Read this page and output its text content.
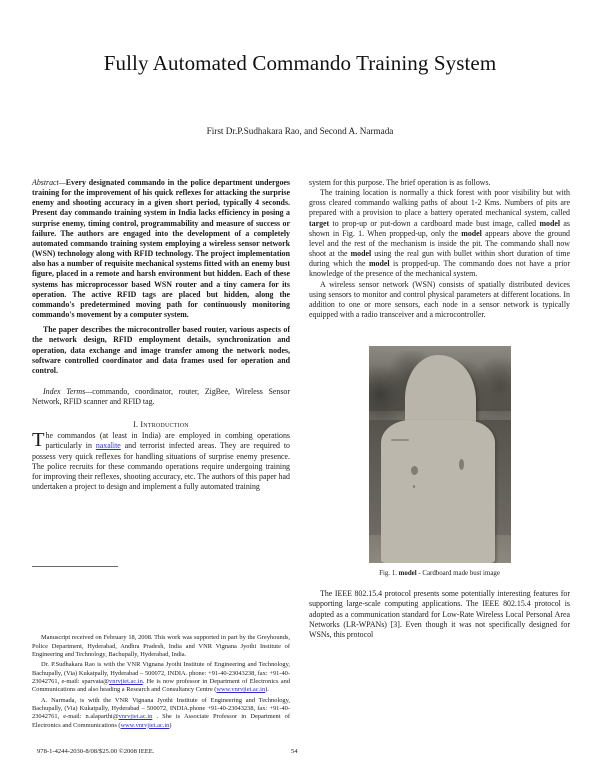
Fully Automated Commando Training System
First Dr.P.Sudhakara Rao, and Second A. Narmada
Abstract—Every designated commando in the police department undergoes training for the improvement of his quick reflexes for attacking the surprise enemy and shooting accuracy in a given short period, typically 4 seconds. Present day commando training system in India lacks efficiency in posing a surprise enemy, timing control, programmability and measure of success or failure. The authors are engaged into the development of a completely automated commando training system employing a wireless sensor network (WSN) technology along with RFID technology. The project implementation also has a number of requisite mechanical systems fitted with an enemy bust figure, placed in a remote and harsh environment but hidden. Each of these systems has microprocessor based WSN router and a tiny camera for its operation. The active RFID tags are placed but hidden, along the commando's predetermined moving path for continuously monitoring commando's movement by a computer system.
The paper describes the microcontroller based router, various aspects of the network design, RFID employment details, synchronization and operation, data exchange and image transfer among the network nodes, software controlled coordinator and data frames used for operation and control.
Index Terms—commando, coordinator, router, ZigBee, Wireless Sensor Network, RFID scanner and RFID tag.
I. Introduction
The commandos (at least in India) are employed in combing operations particularly in naxalite and terrorist infected areas. They are required to possess very quick reflexes for handling situations of surprise enemy presence. The police recruits for these commando operations require undergoing training for improving their reflexes, shooting accuracy, etc. The authors of this paper had undertaken a project to design and implement a fully automated training

Manuscript received on February 18, 2008. This work was supported in part by the Greyhounds, Police Department, Hyderabad, Andhra Pradesh, India and VNR Vignana Jyothi Institute of Engineering and Technology, Bachupally, Hyderabad, India.

Dr. P.Sudhakara Rao is with the VNR Vignana Jyothi Institute of Engineering and Technology, Bachupally, (Via) Kukatpally, Hyderabad – 500072, INDIA. phone: +91-40-23043238, fax: +91-40-23042761, e-mail: sparvata@vnrvjiet.ac.in. He is now professor in Department of Electronics and Communications and also heading a Research and Consultancy Centre (www.vnrvjiet.ac.in).

A. Narmada, is with the VNR Vignana Jyothi Institute of Engineering and Technology, Bachupally, (Via) Kukatpally, Hyderabad – 500072, INDIA.phone +91-40-23043238, fax: +91-40-23042761, e-mail: n.alaparthi@vnrvjiet.ac.in . She is Associate Professor in Department of Electronics and Communications (www.vnrvjiet.ac.in)

system for this purpose. The brief operation is as follows.

The training location is normally a thick forest with poor visibility but with gross cleared commando walking paths of about 1-2 Kms. Numbers of pits are prepared with a provision to place a battery operated mechanical system, called target to prop-up or put-down a cardboard made bust image, called model as shown in Fig. 1. When propped-up, only the model appears above the ground level and the rest of the mechanism is inside the pit. The commando shall now shoot at the model using the real gun with bullet within short duration of time during which the model is propped-up. The commando does not have a prior knowledge of the presence of the mechanical system.

A wireless sensor network (WSN) consists of spatially distributed devices using sensors to monitor and control physical parameters at different locations. In addition to one or more sensors, each node in a sensor network is typically equipped with a radio transceiver and a microcontroller.

Fig. 1. model - Cardboard made bust image

The IEEE 802.15.4 protocol presents some potentially interesting features for supporting large-scale computing applications. The IEEE 802.15.4 protocol is adopted as a communication standard for Low-Rate Wireless Local Personal Area Networks (LR-WPANs) [3]. Even though it was not specifically designed for WSNs, this protocol

978-1-4244-2030-8/08/$25.00 ©2008 IEEE.	54
